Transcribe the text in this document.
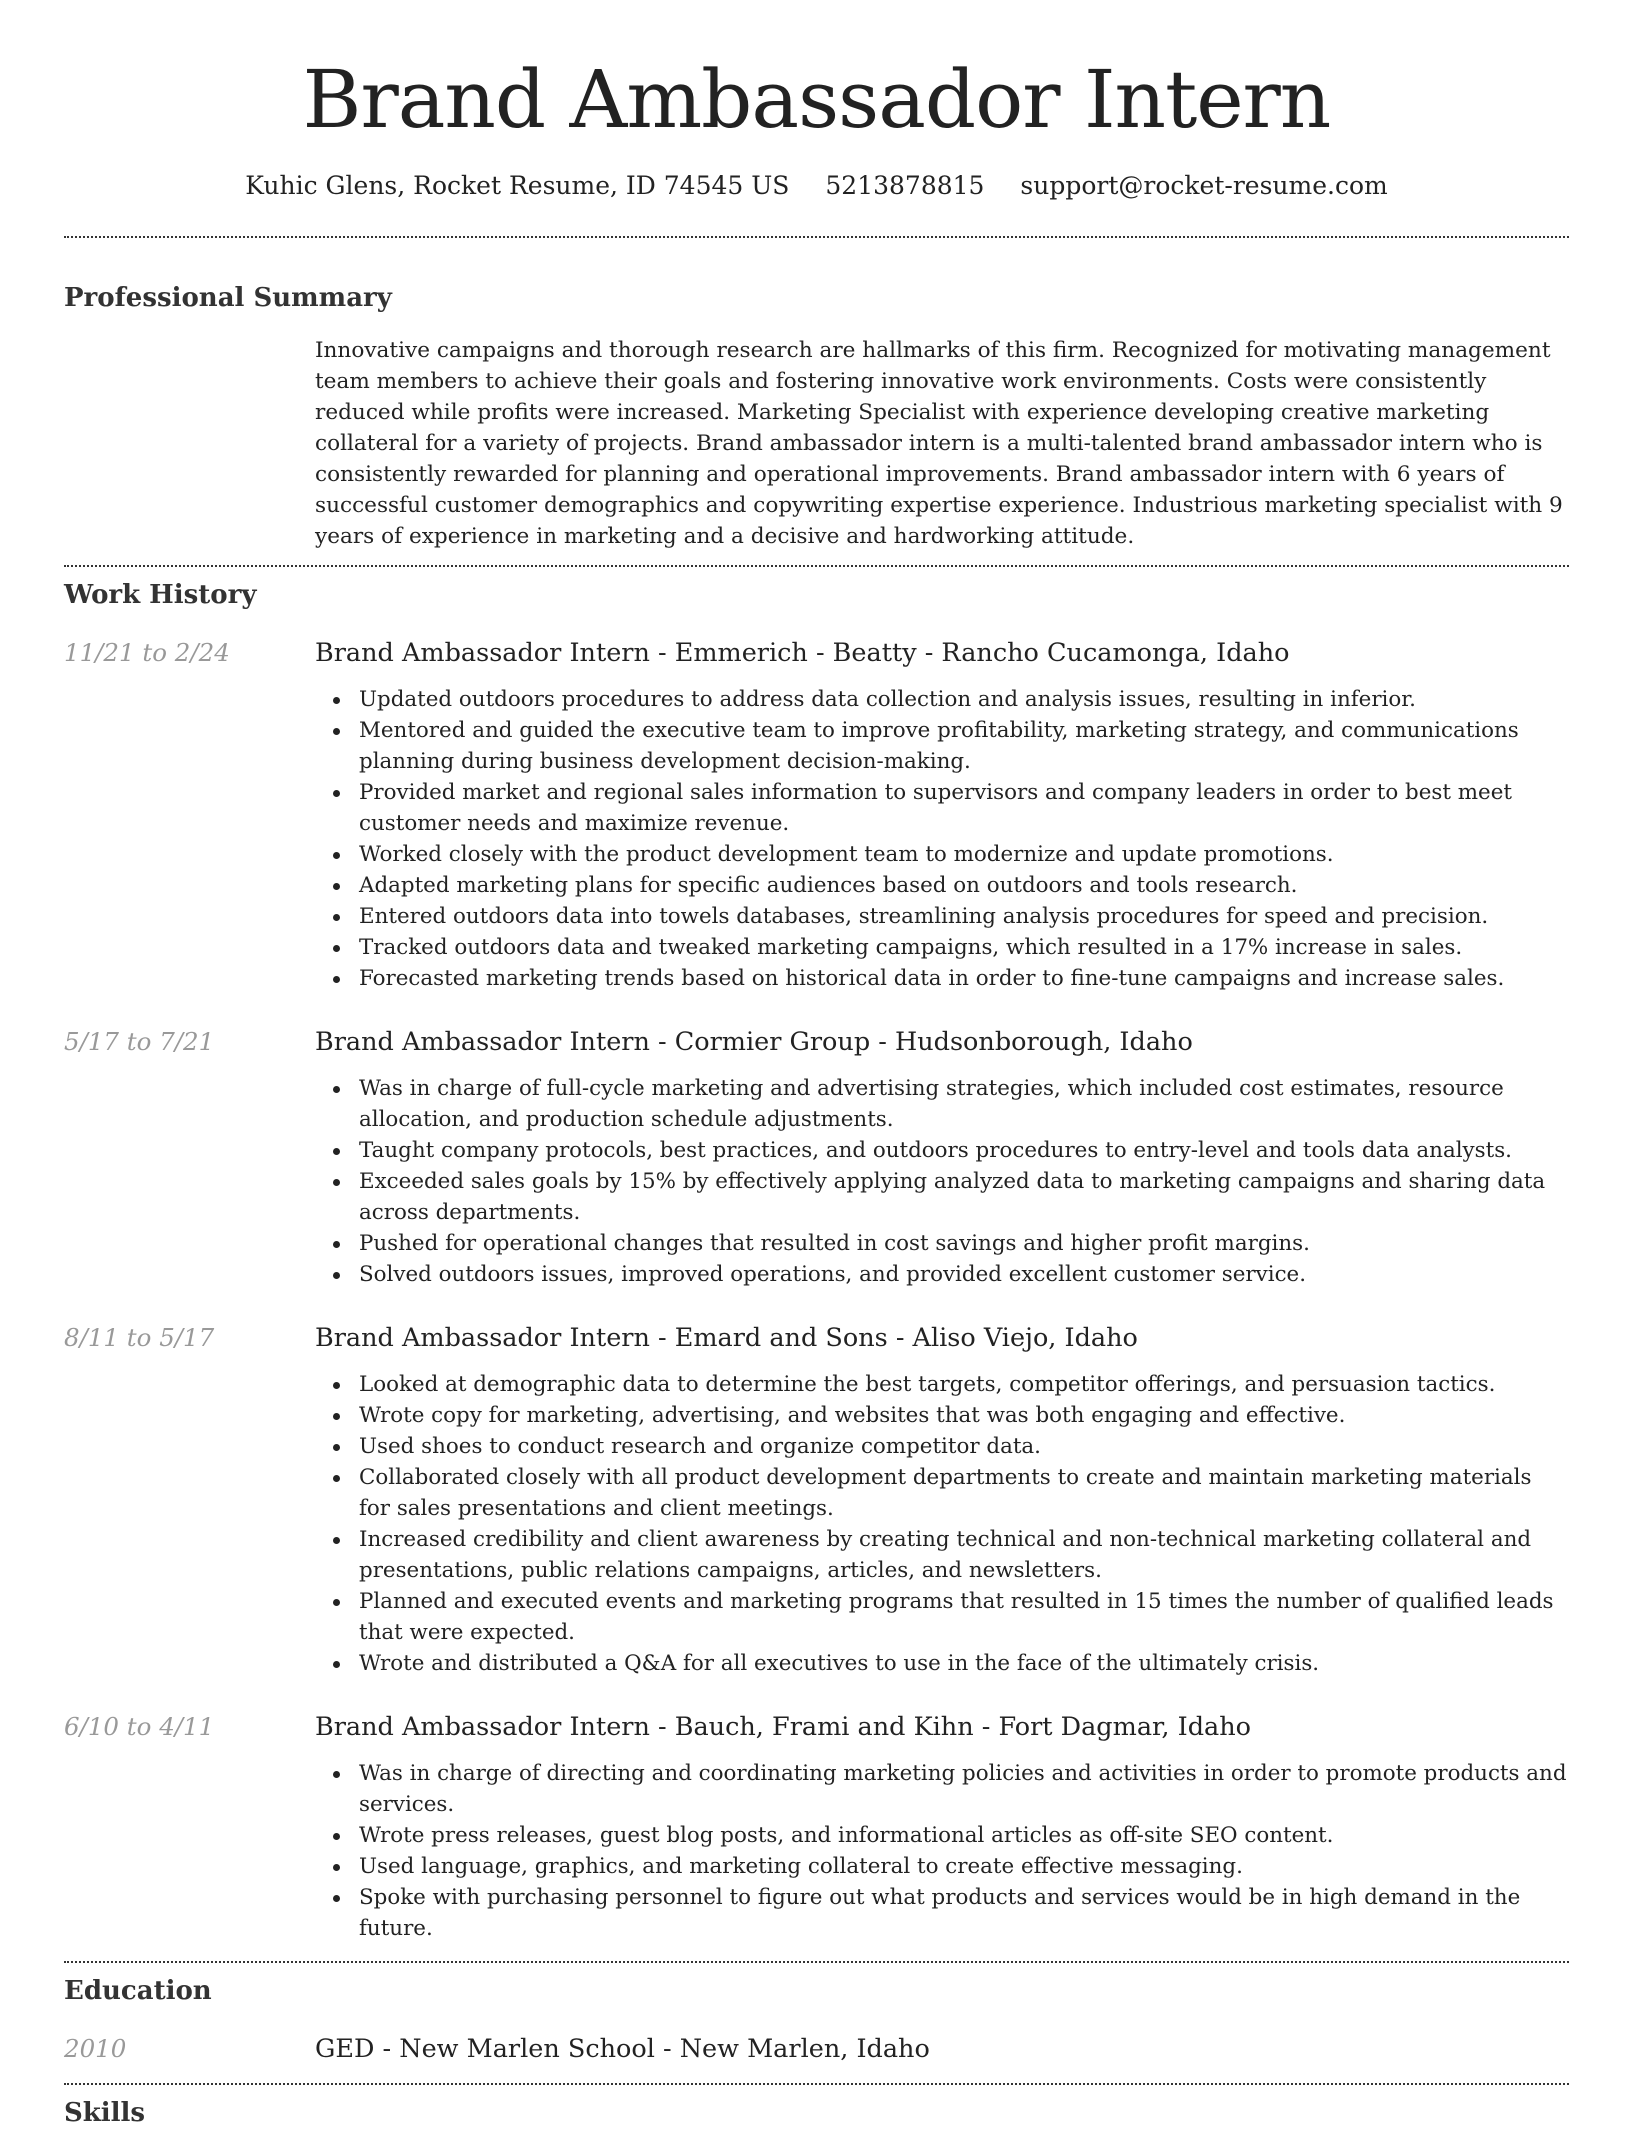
Brand Ambassador Intern
Kuhic Glens, Rocket Resume, ID 74545 US 5213878815 support@rocket-resume.com
Professional Summary
Innovative campaigns and thorough research are hallmarks of this firm. Recognized for motivating management team members to achieve their goals and fostering innovative work environments. Costs were consistently reduced while profits were increased. Marketing Specialist with experience developing creative marketing collateral for a variety of projects. Brand ambassador intern is a multi-talented brand ambassador intern who is consistently rewarded for planning and operational improvements. Brand ambassador intern with 6 years of successful customer demographics and copywriting expertise experience. Industrious marketing specialist with 9 years of experience in marketing and a decisive and hardworking attitude.
Work History
11/21 to 2/24	Brand Ambassador Intern - Emmerich - Beatty - Rancho Cucamonga, Idaho
Updated outdoors procedures to address data collection and analysis issues, resulting in inferior.
Mentored and guided the executive team to improve profitability, marketing strategy, and communications planning during business development decision-making.
Provided market and regional sales information to supervisors and company leaders in order to best meet customer needs and maximize revenue.
Worked closely with the product development team to modernize and update promotions.
Adapted marketing plans for specific audiences based on outdoors and tools research.
Entered outdoors data into towels databases, streamlining analysis procedures for speed and precision.
Tracked outdoors data and tweaked marketing campaigns, which resulted in a 17% increase in sales.
Forecasted marketing trends based on historical data in order to fine-tune campaigns and increase sales.
5/17 to 7/21	Brand Ambassador Intern - Cormier Group - Hudsonborough, Idaho
Was in charge of full-cycle marketing and advertising strategies, which included cost estimates, resource allocation, and production schedule adjustments.
Taught company protocols, best practices, and outdoors procedures to entry-level and tools data analysts.
Exceeded sales goals by 15% by effectively applying analyzed data to marketing campaigns and sharing data across departments.
Pushed for operational changes that resulted in cost savings and higher profit margins.
Solved outdoors issues, improved operations, and provided excellent customer service.
8/11 to 5/17	Brand Ambassador Intern - Emard and Sons - Aliso Viejo, Idaho
Looked at demographic data to determine the best targets, competitor offerings, and persuasion tactics.
Wrote copy for marketing, advertising, and websites that was both engaging and effective.
Used shoes to conduct research and organize competitor data.
Collaborated closely with all product development departments to create and maintain marketing materials for sales presentations and client meetings.
Increased credibility and client awareness by creating technical and non-technical marketing collateral and presentations, public relations campaigns, articles, and newsletters.
Planned and executed events and marketing programs that resulted in 15 times the number of qualified leads that were expected.
Wrote and distributed a Q&A for all executives to use in the face of the ultimately crisis.
6/10 to 4/11	Brand Ambassador Intern - Bauch, Frami and Kihn - Fort Dagmar, Idaho
Was in charge of directing and coordinating marketing policies and activities in order to promote products and services.
Wrote press releases, guest blog posts, and informational articles as off-site SEO content.
Used language, graphics, and marketing collateral to create effective messaging.
Spoke with purchasing personnel to figure out what products and services would be in high demand in the future.
Education
2010	GED - New Marlen School - New Marlen, Idaho
Skills
